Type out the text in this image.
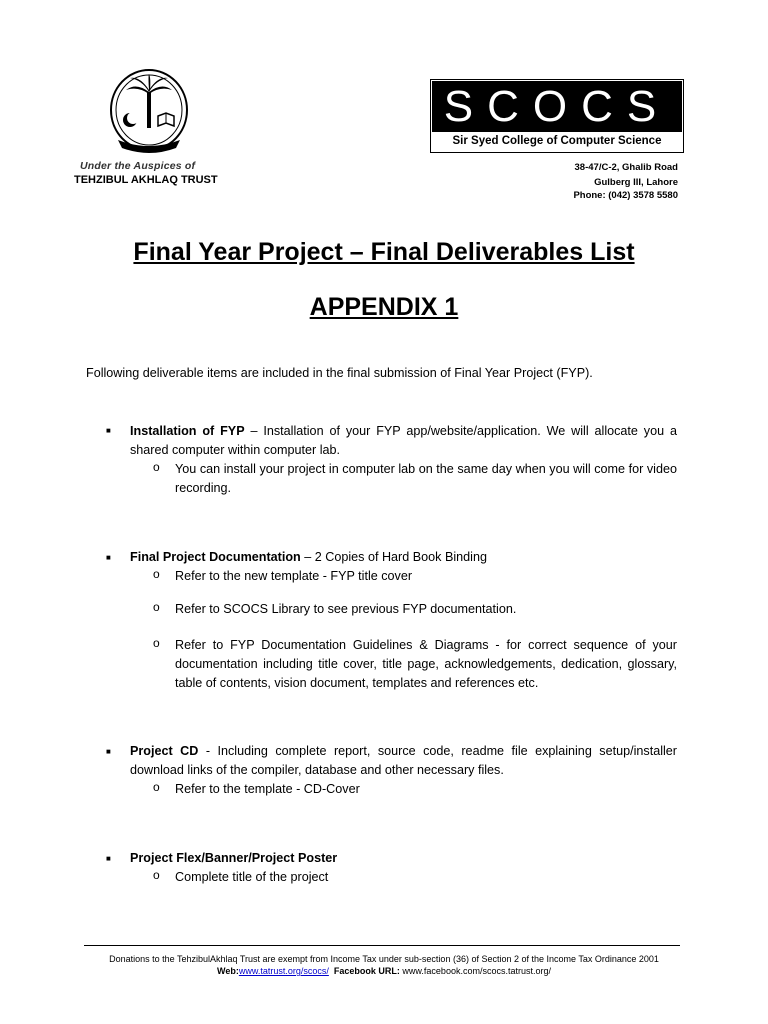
Under the Auspices of
TEHZIBUL AKHLAQ TRUST
SCOCS
Sir Syed College of Computer Science
38-47/C-2, Ghalib Road
Gulberg III, Lahore
Phone: (042) 3578 5580
Final Year Project – Final Deliverables List
APPENDIX 1
Following deliverable items are included in the final submission of Final Year Project (FYP).
■ Installation of FYP – Installation of your FYP app/website/application. We will allocate you a shared computer within computer lab.
o You can install your project in computer lab on the same day when you will come for video recording.
■ Final Project Documentation – 2 Copies of Hard Book Binding
o Refer to the new template - FYP title cover
o Refer to SCOCS Library to see previous FYP documentation.
o Refer to FYP Documentation Guidelines & Diagrams - for correct sequence of your documentation including title cover, title page, acknowledgements, dedication, glossary, table of contents, vision document, templates and references etc.
■ Project CD - Including complete report, source code, readme file explaining setup/installer download links of the compiler, database and other necessary files.
o Refer to the template - CD-Cover
■ Project Flex/Banner/Project Poster
o Complete title of the project
Donations to the TehzibulAkhlaq Trust are exempt from Income Tax under sub-section (36) of Section 2 of the Income Tax Ordinance 2001
Web:www.tatrust.org/scocs/ Facebook URL: www.facebook.com/scocs.tatrust.org/
